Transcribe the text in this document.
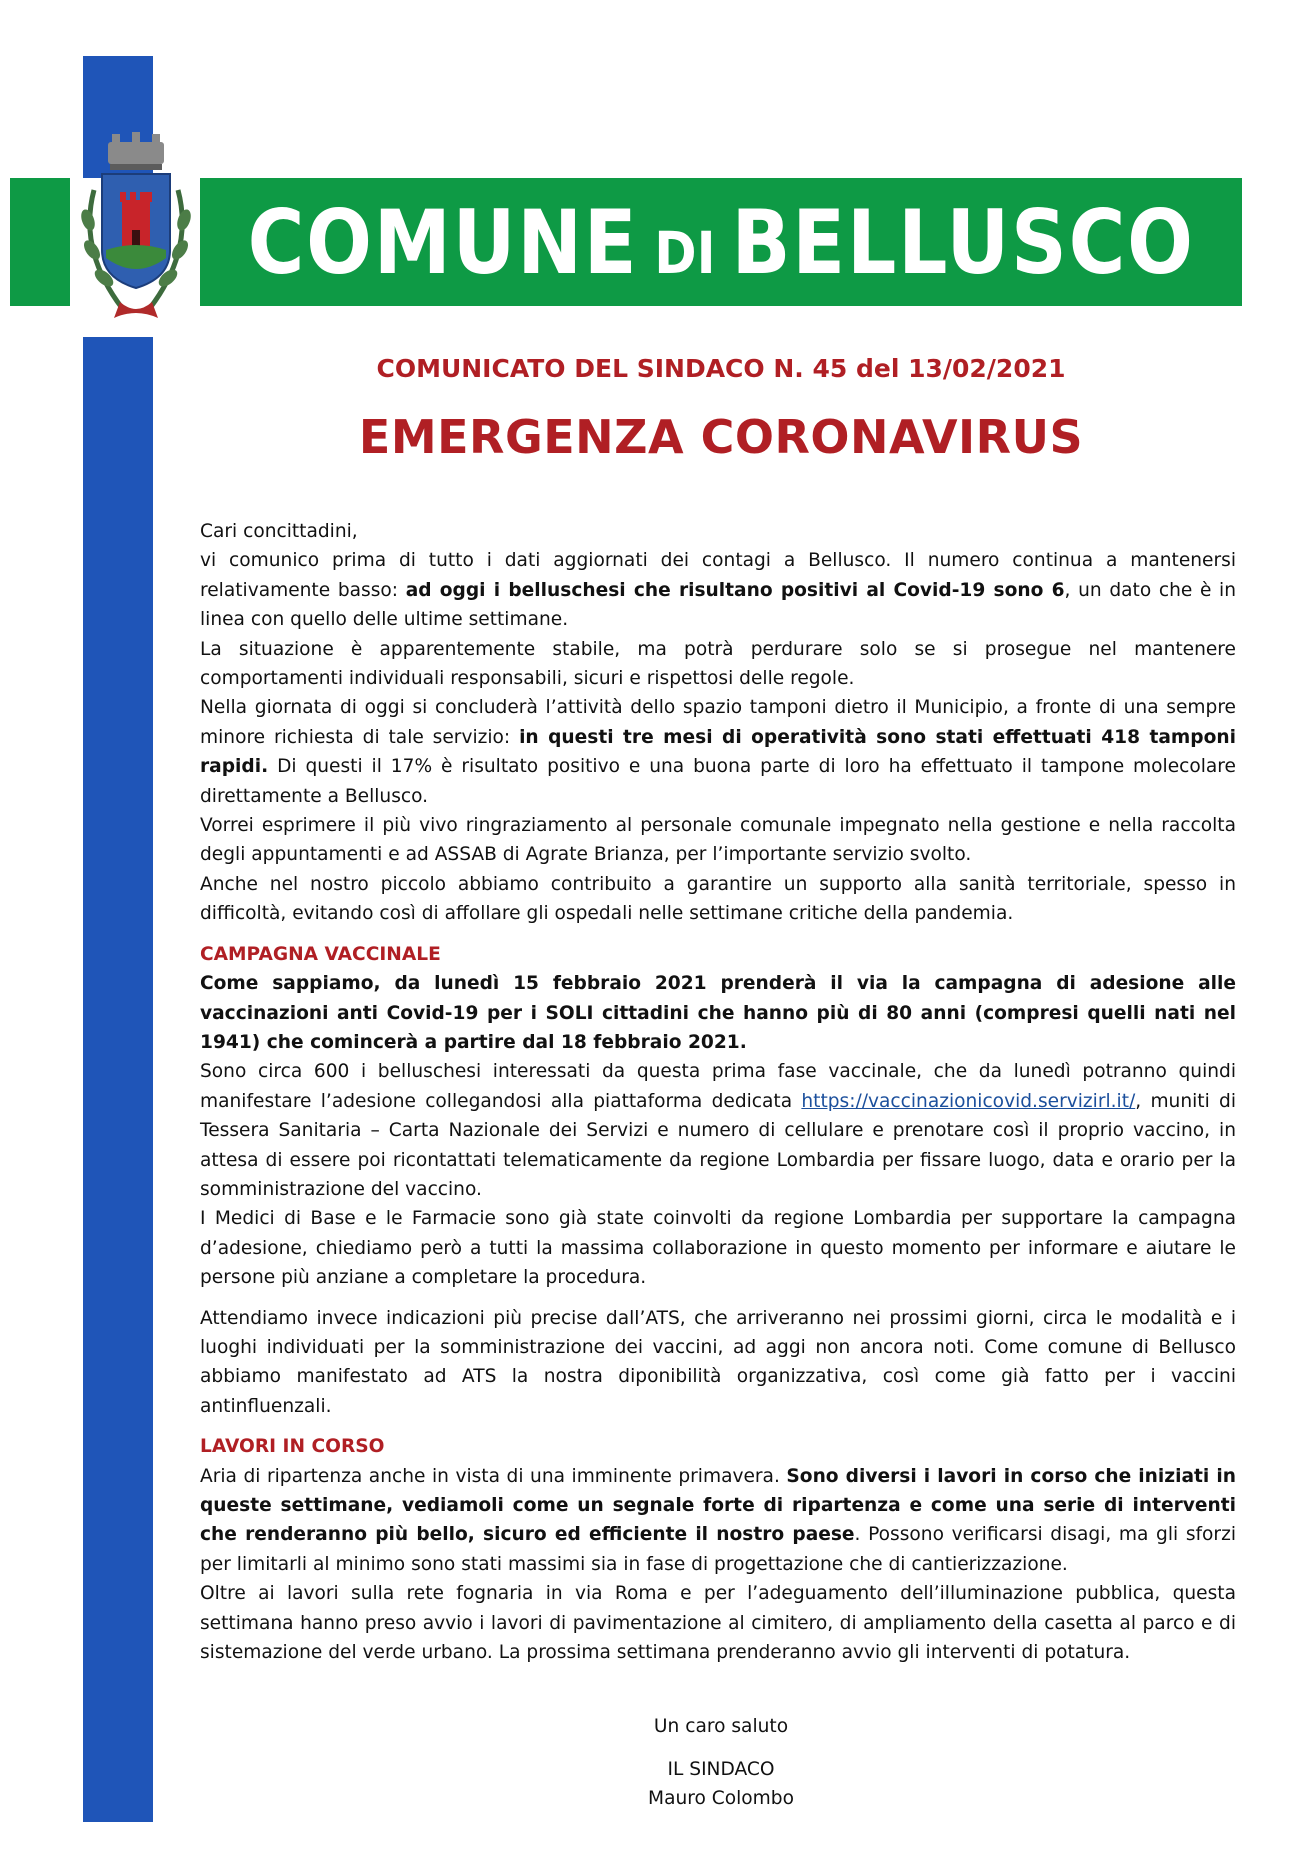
COMUNE DI BELLUSCO
COMUNICATO DEL SINDACO N. 45 del 13/02/2021
EMERGENZA CORONAVIRUS

Cari concittadini,

vi comunico prima di tutto i dati aggiornati dei contagi a Bellusco. Il numero continua a mantenersi relativamente basso: ad oggi i belluschesi che risultano positivi al Covid-19 sono 6, un dato che è in linea con quello delle ultime settimane.

La situazione è apparentemente stabile, ma potrà perdurare solo se si prosegue nel mantenere comportamenti individuali responsabili, sicuri e rispettosi delle regole.

Nella giornata di oggi si concluderà l’attività dello spazio tamponi dietro il Municipio, a fronte di una sempre minore richiesta di tale servizio: in questi tre mesi di operatività sono stati effettuati 418 tamponi rapidi. Di questi il 17% è risultato positivo e una buona parte di loro ha effettuato il tampone molecolare direttamente a Bellusco.

Vorrei esprimere il più vivo ringraziamento al personale comunale impegnato nella gestione e nella raccolta degli appuntamenti e ad ASSAB di Agrate Brianza, per l’importante servizio svolto.

Anche nel nostro piccolo abbiamo contribuito a garantire un supporto alla sanità territoriale, spesso in difficoltà, evitando così di affollare gli ospedali nelle settimane critiche della pandemia.

CAMPAGNA VACCINALE

Come sappiamo, da lunedì 15 febbraio 2021 prenderà il via la campagna di adesione alle vaccinazioni anti Covid-19 per i SOLI cittadini che hanno più di 80 anni (compresi quelli nati nel 1941) che comincerà a partire dal 18 febbraio 2021.

Sono circa 600 i belluschesi interessati da questa prima fase vaccinale, che da lunedì potranno quindi manifestare l’adesione collegandosi alla piattaforma dedicata https://vaccinazionicovid.servizirl.it/, muniti di Tessera Sanitaria – Carta Nazionale dei Servizi e numero di cellulare e prenotare così il proprio vaccino, in attesa di essere poi ricontattati telematicamente da regione Lombardia per fissare luogo, data e orario per la somministrazione del vaccino.

I Medici di Base e le Farmacie sono già state coinvolti da regione Lombardia per supportare la campagna d’adesione, chiediamo però a tutti la massima collaborazione in questo momento per informare e aiutare le persone più anziane a completare la procedura.

Attendiamo invece indicazioni più precise dall’ATS, che arriveranno nei prossimi giorni, circa le modalità e i luoghi individuati per la somministrazione dei vaccini, ad aggi non ancora noti. Come comune di Bellusco abbiamo manifestato ad ATS la nostra diponibilità organizzativa, così come già fatto per i vaccini antinfluenzali.

LAVORI IN CORSO

Aria di ripartenza anche in vista di una imminente primavera. Sono diversi i lavori in corso che iniziati in queste settimane, vediamoli come un segnale forte di ripartenza e come una serie di interventi che renderanno più bello, sicuro ed efficiente il nostro paese. Possono verificarsi disagi, ma gli sforzi per limitarli al minimo sono stati massimi sia in fase di progettazione che di cantierizzazione.

Oltre ai lavori sulla rete fognaria in via Roma e per l’adeguamento dell’illuminazione pubblica, questa settimana hanno preso avvio i lavori di pavimentazione al cimitero, di ampliamento della casetta al parco e di sistemazione del verde urbano. La prossima settimana prenderanno avvio gli interventi di potatura.

Un caro saluto
IL SINDACO
Mauro Colombo
